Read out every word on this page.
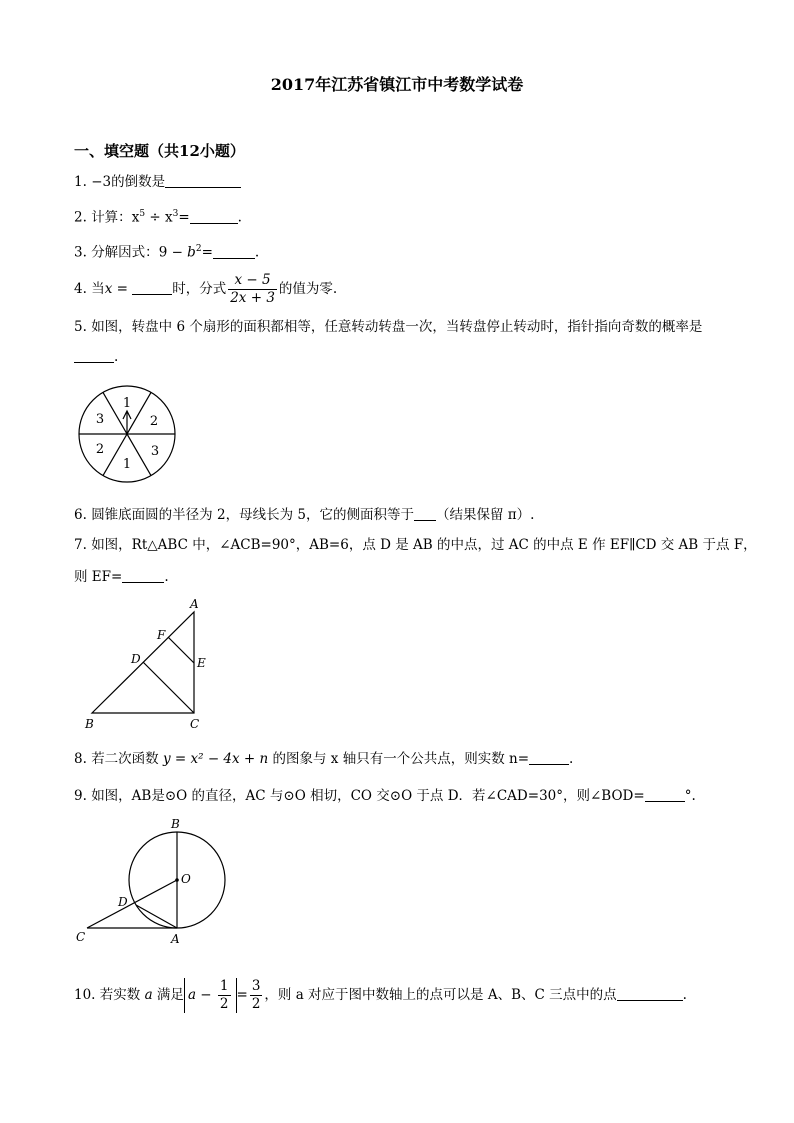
2017年江苏省镇江市中考数学试卷
一、填空题（共12小题）
1. −3的倒数是
2. 计算：$x^5 \div x^3=$	.
3. 分解因式：$9 - b^2=$	.
4. 当x =	时，分式 $\frac{x - 5}{2x + 3}$ 的值为零.
5. 如图，转盘中 6 个扇形的面积都相等，任意转动转盘一次，当转盘停止转动时，指针指向奇数的概率是
.
1
2
3
1
2
3
6. 圆锥底面圆的半径为 2，母线长为 5，它的侧面积等于 （结果保留 π）.
7. 如图，Rt△ABC 中，∠ACB=90°，AB=6，点 D 是 AB 的中点，过 AC 的中点 E 作 EF∥CD 交 AB 于点 F，
则 EF=	.
A
F
D	E
B	C
8. 若二次函数 y = x² − 4x + n 的图象与 x 轴只有一个公共点，则实数 n=	.
9. 如图，AB是⊙O 的直径，AC 与⊙O 相切，CO 交⊙O 于点 D．若∠CAD=30°，则∠BOD=	°.
B
O
D
C	A
10. 若实数 a 满足 $a - \frac{1}{2} = \frac{3}{2}$ ，则 a 对应于图中数轴上的点可以是 A、B、C 三点中的点	.
